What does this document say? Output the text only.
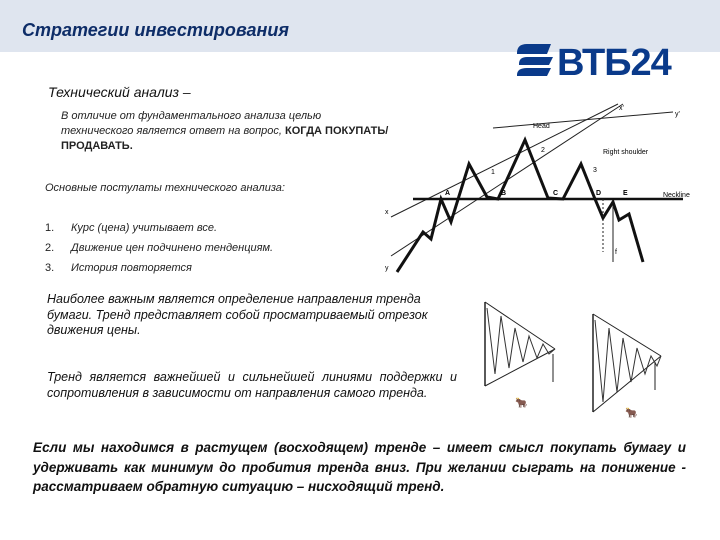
Стратегии инвестирования
ВТБ24
Технический анализ –
В отличие от фундаментального анализа целью технического является ответ на вопрос, КОГДА ПОКУПАТЬ/ПРОДАВАТЬ.
Основные постулаты технического анализа:
1. Курс (цена) учитывает все.
2. Движение цен подчинено тенденциям.
3. История повторяется
Head
Right shoulder
Neckline
A	B	C	D	E
1
2
3
x
y
x'
y'
f
Наиболее важным является определение направления тренда бумаги. Тренд представляет собой просматриваемый отрезок движения цены.
Тренд является важнейшей и сильнейшей линиями поддержки и сопротивления в зависимости от направления самого тренда.
🐂
🐂
Если мы находимся в растущем (восходящем) тренде – имеет смысл покупать бумагу и удерживать как минимум до пробития тренда вниз. При желании сыграть на понижение - рассматриваем обратную ситуацию – нисходящий тренд.
